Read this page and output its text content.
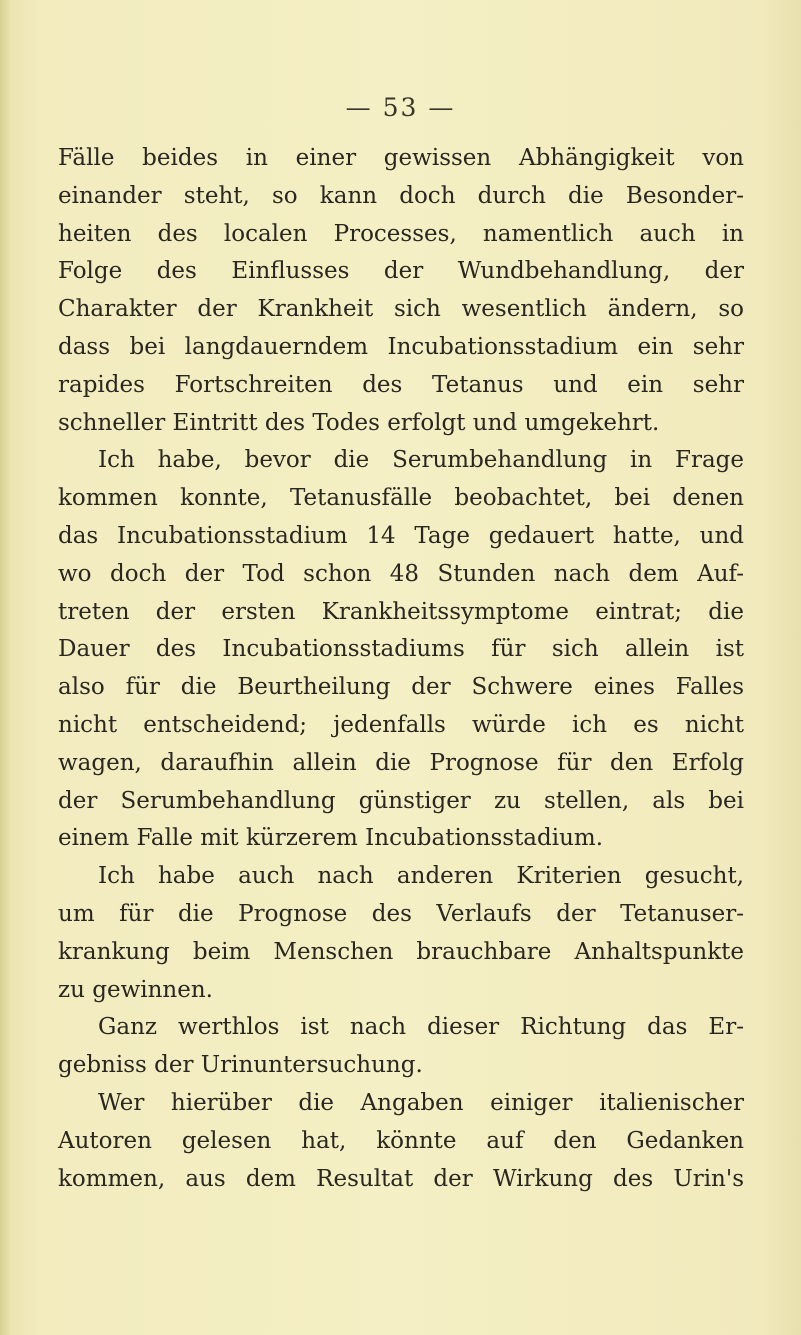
— 53 —

Fälle beides in einer gewissen Abhängigkeit von
einander steht, so kann doch durch die Besonder-
heiten des localen Processes, namentlich auch in
Folge des Einflusses der Wundbehandlung, der
Charakter der Krankheit sich wesentlich ändern, so
dass bei langdauerndem Incubationsstadium ein sehr
rapides Fortschreiten des Tetanus und ein sehr
schneller Eintritt des Todes erfolgt und umgekehrt.

Ich habe, bevor die Serumbehandlung in Frage
kommen konnte, Tetanusfälle beobachtet, bei denen
das Incubationsstadium 14 Tage gedauert hatte, und
wo doch der Tod schon 48 Stunden nach dem Auf-
treten der ersten Krankheitssymptome eintrat; die
Dauer des Incubationsstadiums für sich allein ist
also für die Beurtheilung der Schwere eines Falles
nicht entscheidend; jedenfalls würde ich es nicht
wagen, daraufhin allein die Prognose für den Erfolg
der Serumbehandlung günstiger zu stellen, als bei
einem Falle mit kürzerem Incubationsstadium.

Ich habe auch nach anderen Kriterien gesucht,
um für die Prognose des Verlaufs der Tetanuser-
krankung beim Menschen brauchbare Anhaltspunkte
zu gewinnen.

Ganz werthlos ist nach dieser Richtung das Er-
gebniss der Urinuntersuchung.

Wer hierüber die Angaben einiger italienischer
Autoren gelesen hat, könnte auf den Gedanken
kommen, aus dem Resultat der Wirkung des Urin's
